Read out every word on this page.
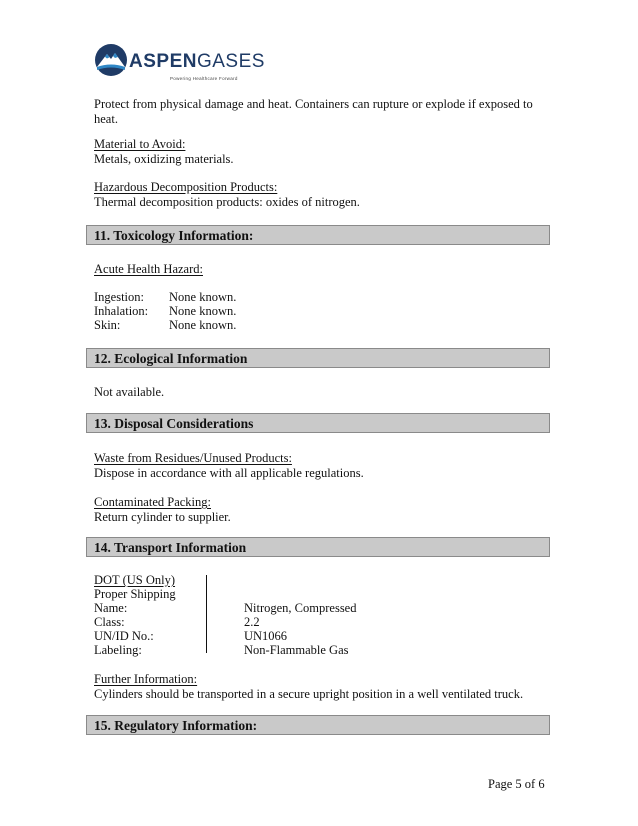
ASPENGASES
Powering Healthcare Forward
Protect from physical damage and heat. Containers can rupture or explode if exposed to
heat.
Material to Avoid:
Metals, oxidizing materials.
Hazardous Decomposition Products:
Thermal decomposition products: oxides of nitrogen.
11. Toxicology Information:
Acute Health Hazard:
Ingestion: None known.
Inhalation: None known.
Skin:	None known.
12. Ecological Information
Not available.
13. Disposal Considerations
Waste from Residues/Unused Products:
Dispose in accordance with all applicable regulations.
Contaminated Packing:
Return cylinder to supplier.
14. Transport Information
DOT (US Only)
Proper Shipping
Name:	Nitrogen, Compressed
Class:	2.2
UN/ID No.:	UN1066
Labeling:	Non-Flammable Gas
Further Information:
Cylinders should be transported in a secure upright position in a well ventilated truck.
15. Regulatory Information:
Page 5 of 6
